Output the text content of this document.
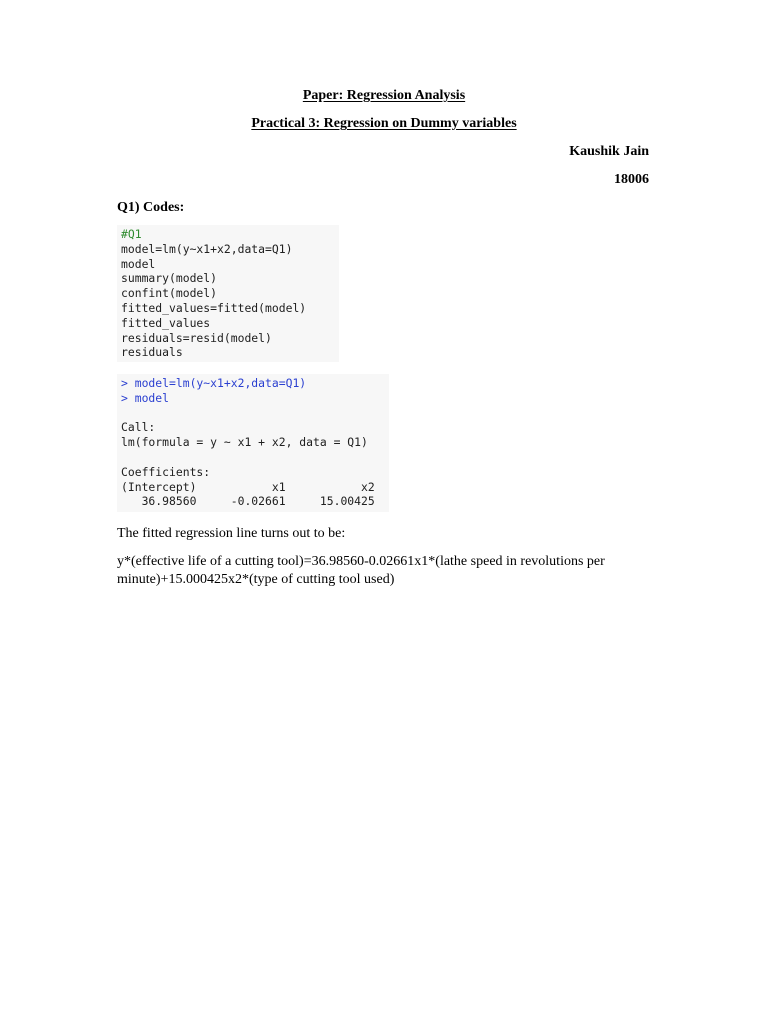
Paper: Regression Analysis
Practical 3: Regression on Dummy variables
Kaushik Jain
18006
Q1) Codes:
#Q1
model=lm(y~x1+x2,data=Q1)
model
summary(model)
confint(model)
fitted_values=fitted(model)
fitted_values
residuals=resid(model)
residuals
> model=lm(y~x1+x2,data=Q1)
> model
Call:
lm(formula = y ~ x1 + x2, data = Q1)
Coefficients:
(Intercept)           x1           x2
36.98560     -0.02661     15.00425
The fitted regression line turns out to be:
y*(effective life of a cutting tool)=36.98560-0.02661x1*(lathe speed in revolutions per minute)+15.000425x2*(type of cutting tool used)
